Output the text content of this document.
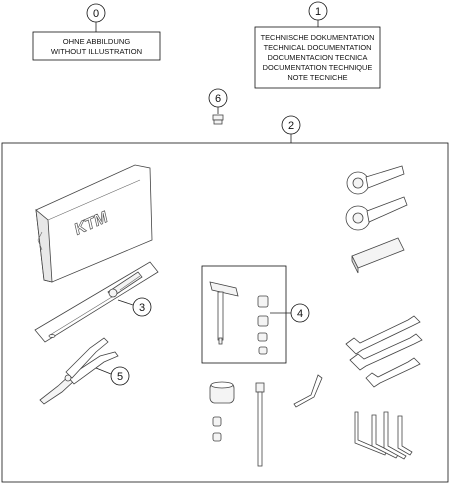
0
OHNE ABBILDUNG
WITHOUT ILLUSTRATION
1
TECHNISCHE DOKUMENTATION
TECHNICAL DOCUMENTATION
DOCUMENTACION TECNICA
DOCUMENTATION TECHNIQUE
NOTE TECNICHE
6
2
KTM
3
5
4
